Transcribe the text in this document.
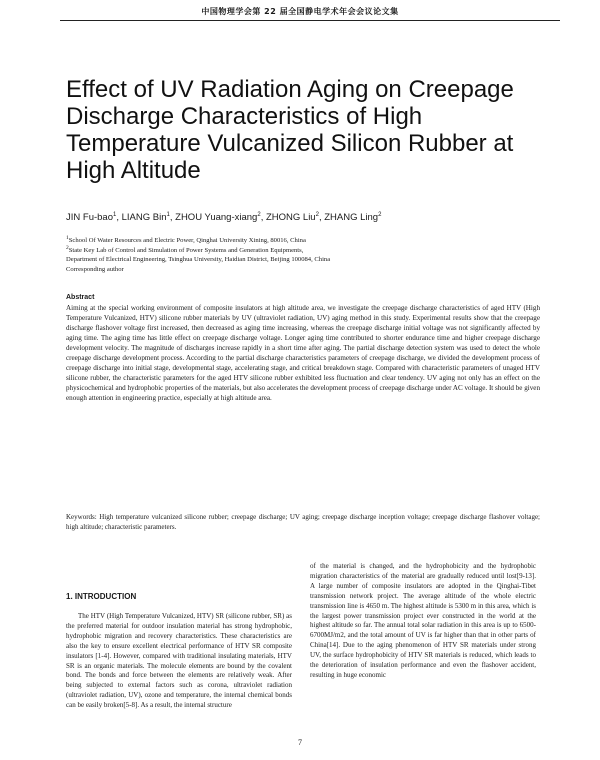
中国物理学会第 22 届全国静电学术年会会议论文集
Effect of UV Radiation Aging on Creepage Discharge Characteristics of High Temperature Vulcanized Silicon Rubber at High Altitude
JIN Fu-bao$^1$, LIANG Bin$^1$, ZHOU Yuang-xiang$^2$, ZHONG Liu$^2$, ZHANG Ling$^2$
$^1$School Of Water Resources and Electric Power, Qinghai University Xining, 80016, China
$^2$State Key Lab of Control and Simulation of Power Systems and Generation Equipments,
Department of Electrical Engineering, Tsinghua University, Haidian District, Beijing 100084, China
Corresponding author
Abstract

Aiming at the special working environment of composite insulators at high altitude area, we investigate the creepage discharge characteristics of aged HTV (High Temperature Vulcanized, HTV) silicone rubber materials by UV (ultraviolet radiation, UV) aging method in this study. Experimental results show that the creepage discharge flashover voltage first increased, then decreased as aging time increasing, whereas the creepage discharge initial voltage was not significantly affected by aging time. The aging time has little effect on creepage discharge voltage. Longer aging time contributed to shorter endurance time and higher creepage discharge development velocity. The magnitude of discharges increase rapidly in a short time after aging. The partial discharge detection system was used to detect the whole creepage discharge development process. According to the partial discharge characteristics parameters of creepage discharge, we divided the development process of creepage discharge into initial stage, developmental stage, accelerating stage, and critical breakdown stage. Compared with characteristic parameters of unaged HTV silicone rubber, the characteristic parameters for the aged HTV silicone rubber exhibited less fluctuation and clear tendency. UV aging not only has an effect on the physicochemical and hydrophobic properties of the materials, but also accelerates the development process of creepage discharge under AC voltage. It should be given enough attention in engineering practice, especially at high altitude area.

Keywords: High temperature vulcanized silicone rubber; creepage discharge; UV aging; creepage discharge inception voltage; creepage discharge flashover voltage; high altitude; characteristic parameters.

1. INTRODUCTION

The HTV (High Temperature Vulcanized, HTV) SR (silicone rubber, SR) as the preferred material for outdoor insulation material has strong hydrophobic, hydrophobic migration and recovery characteristics. These characteristics are also the key to ensure excellent electrical performance of HTV SR composite insulators [1-4]. However, compared with traditional insulating materials, HTV SR is an organic materials. The molecule elements are bound by the covalent bond. The bonds and force between the elements are relatively weak. After being subjected to external factors such as corona, ultraviolet radiation (ultraviolet radiation, UV), ozone and temperature, the internal chemical bonds can be easily broken[5-8]. As a result, the internal structure

of the material is changed, and the hydrophobicity and the hydrophobic migration characteristics of the material are gradually reduced until lost[9-13]. A large number of composite insulators are adopted in the Qinghai-Tibet transmission network project. The average altitude of the whole electric transmission line is 4650 m. The highest altitude is 5300 m in this area, which is the largest power transmission project ever constructed in the world at the highest altitude so far. The annual total solar radiation in this area is up to 6500-6700MJ/m2, and the total amount of UV is far higher than that in other parts of China[14]. Due to the aging phenomenon of HTV SR materials under strong UV, the surface hydrophobicity of HTV SR materials is reduced, which leads to the deterioration of insulation performance and even the flashover accident, resulting in huge economic

7
